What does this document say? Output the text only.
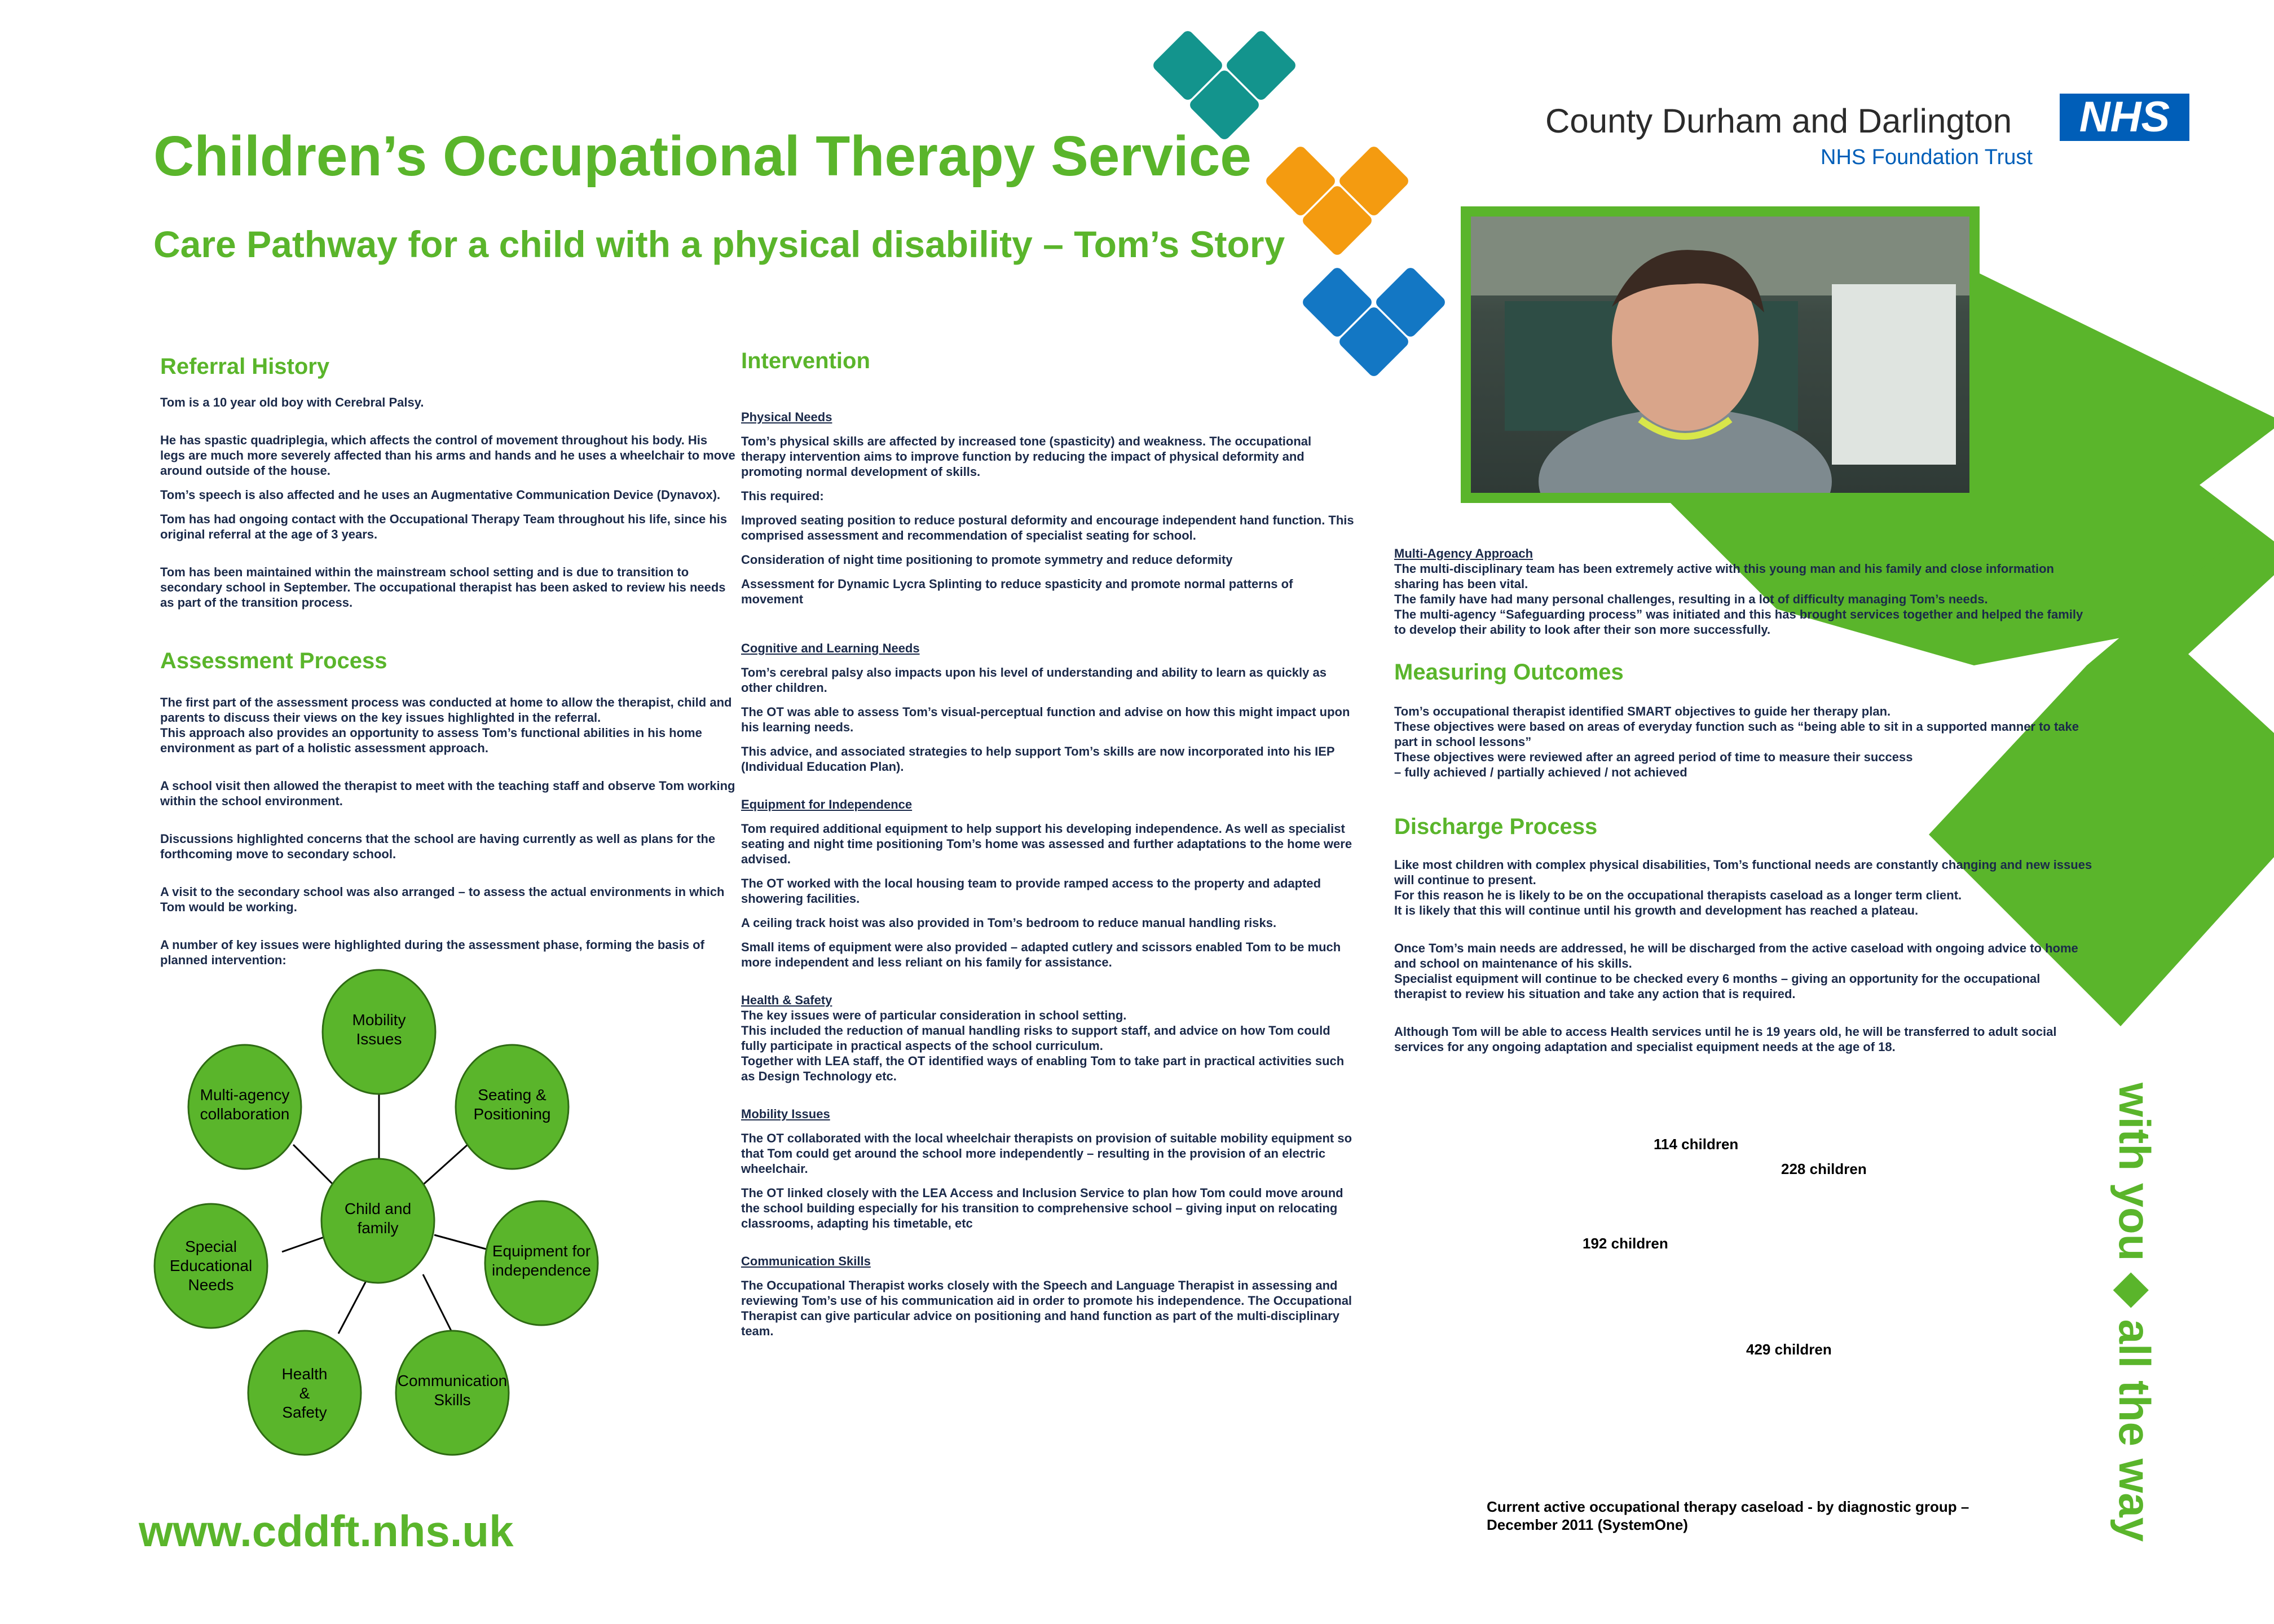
Children’s Occupational Therapy Service
Care Pathway for a child with a physical disability – Tom’s Story
County Durham and Darlington
NHS Foundation Trust
NHS
Referral History

Tom is a 10 year old boy with Cerebral Palsy.

He has spastic quadriplegia, which affects the control of movement throughout his body. His legs are much more severely affected than his arms and hands and he uses a wheelchair to move around outside of the house.

Tom’s speech is also affected and he uses an Augmentative Communication Device (Dynavox).

Tom has had ongoing contact with the Occupational Therapy Team throughout his life, since his original referral at the age of 3 years.

Tom has been maintained within the mainstream school setting and is due to transition to secondary school in September. The occupational therapist has been asked to review his needs as part of the transition process.

Assessment Process

The first part of the assessment process was conducted at home to allow the therapist, child and parents to discuss their views on the key issues highlighted in the referral.

This approach also provides an opportunity to assess Tom’s functional abilities in his home environment as part of a holistic assessment approach.

A school visit then allowed the therapist to meet with the teaching staff and observe Tom working within the school environment.

Discussions highlighted concerns that the school are having currently as well as plans for the forthcoming move to secondary school.

A visit to the secondary school was also arranged – to assess the actual environments in which Tom would be working.

A number of key issues were highlighted during the assessment phase, forming the basis of planned intervention:

Mobility
Issues
Seating &
Positioning
Equipment for
independence
Communication
Skills
Health
&
Safety
Special
Educational
Needs
Multi-agency
collaboration
Child and
family
Intervention

Physical Needs

Tom’s physical skills are affected by increased tone (spasticity) and weakness. The occupational therapy intervention aims to improve function by reducing the impact of physical deformity and promoting normal development of skills.

This required:

Improved seating position to reduce postural deformity and encourage independent hand function. This comprised assessment and recommendation of specialist seating for school.

Consideration of night time positioning to promote symmetry and reduce deformity

Assessment for Dynamic Lycra Splinting to reduce spasticity and promote normal patterns of movement

Cognitive and Learning Needs

Tom’s cerebral palsy also impacts upon his level of understanding and ability to learn as quickly as other children.

The OT was able to assess Tom’s visual-perceptual function and advise on how this might impact upon his learning needs.

This advice, and associated strategies to help support Tom’s skills are now incorporated into his IEP (Individual Education Plan).

Equipment for Independence

Tom required additional equipment to help support his developing independence. As well as specialist seating and night time positioning Tom’s home was assessed and further adaptations to the home were advised.

The OT worked with the local housing team to provide ramped access to the property and adapted showering facilities.

A ceiling track hoist was also provided in Tom’s bedroom to reduce manual handling risks.

Small items of equipment were also provided – adapted cutlery and scissors enabled Tom to be much more independent and less reliant on his family for assistance.

Health & Safety

The key issues were of particular consideration in school setting.
This included the reduction of manual handling risks to support staff, and advice on how Tom could fully participate in practical aspects of the school curriculum.
Together with LEA staff, the OT identified ways of enabling Tom to take part in practical activities such as Design Technology etc.

Mobility Issues

The OT collaborated with the local wheelchair therapists on provision of suitable mobility equipment so that Tom could get around the school more independently – resulting in the provision of an electric wheelchair.

The OT linked closely with the LEA Access and Inclusion Service to plan how Tom could move around the school building especially for his transition to comprehensive school – giving input on relocating classrooms, adapting his timetable, etc

Communication Skills

The Occupational Therapist works closely with the Speech and Language Therapist in assessing and reviewing Tom’s use of his communication aid in order to promote his independence. The Occupational Therapist can give particular advice on positioning and hand function as part of the multi-disciplinary team.

Multi-Agency Approach

The multi-disciplinary team has been extremely active with this young man and his family and close information sharing has been vital.
The family have had many personal challenges, resulting in a lot of difficulty managing Tom’s needs.
The multi-agency “Safeguarding process” was initiated and this has brought services together and helped the family to develop their ability to look after their son more successfully.

Measuring Outcomes
Tom’s occupational therapist identified SMART objectives to guide her therapy plan.
These objectives were based on areas of everyday function such as “being able to sit in a supported manner to take part in school lessons”
These objectives were reviewed after an agreed period of time to measure their success
– fully achieved / partially achieved / not achieved
Discharge Process

Like most children with complex physical disabilities, Tom’s functional needs are constantly changing and new issues will continue to present.
For this reason he is likely to be on the occupational therapists caseload as a longer term client.
It is likely that this will continue until his growth and development has reached a plateau.

Once Tom’s main needs are addressed, he will be discharged from the active caseload with ongoing advice to home and school on maintenance of his skills.
Specialist equipment will continue to be checked every 6 months – giving an opportunity for the occupational therapist to review his situation and take any action that is required.

Although Tom will be able to access Health services until he is 19 years old, he will be transferred to adult social services for any ongoing adaptation and specialist equipment needs at the age of 18.

114 children
228 children
192 children
429 children
Current active occupational therapy caseload - by diagnostic group – December 2011 (SystemOne)
www.cddft.nhs.uk	with you ◆ all the way
